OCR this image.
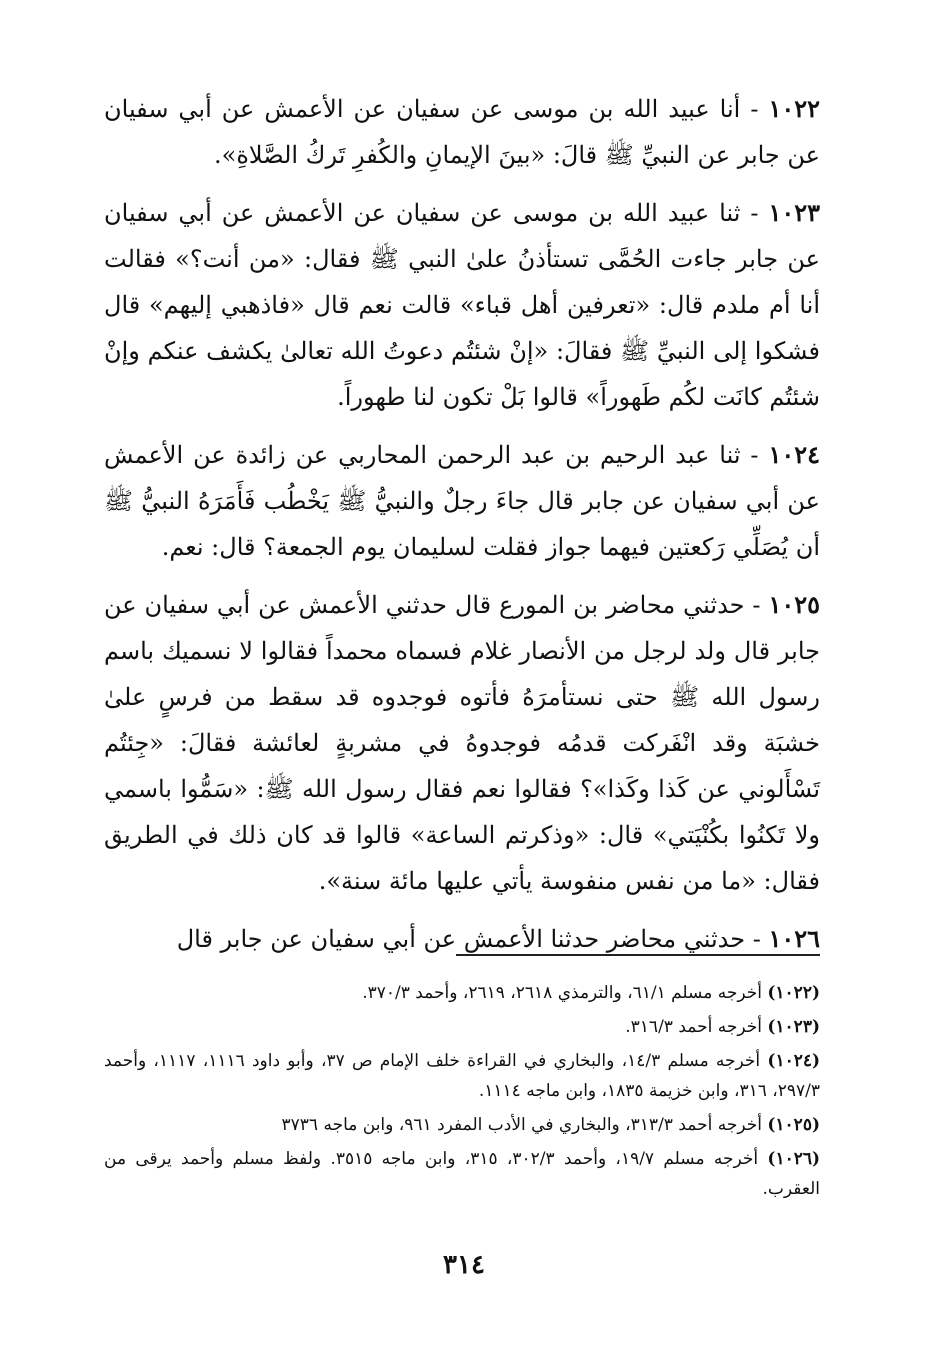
١٠٢٢ - أنا عبيد الله بن موسى عن سفيان عن الأعمش عن أبي سفيان عن جابر عن النبيِّ ﷺ قالَ: «بينَ الإيمانِ والكُفرِ تَركُ الصَّلاةِ».

١٠٢٣ - ثنا عبيد الله بن موسى عن سفيان عن الأعمش عن أبي سفيان عن جابر جاءت الحُمَّى تستأذنُ علىٰ النبي ﷺ فقال: «من أنت؟» فقالت أنا أم ملدم قال: «تعرفين أهل قباء» قالت نعم قال «فاذهبي إليهم» قال فشكوا إلى النبيِّ ﷺ فقالَ: «إنْ شئتُم دعوتُ الله تعالىٰ يكشف عنكم وإنْ شئتُم كانَت لكُم طَهوراً» قالوا بَلْ تكون لنا طهوراً.

١٠٢٤ - ثنا عبد الرحيم بن عبد الرحمن المحاربي عن زائدة عن الأعمش عن أبي سفيان عن جابر قال جاءَ رجلٌ والنبيُّ ﷺ يَخْطُب فَأَمَرَهُ النبيُّ ﷺ أن يُصَلِّي رَكعتين فيهما جواز فقلت لسليمان يوم الجمعة؟ قال: نعم.

١٠٢٥ - حدثني محاضر بن المورع قال حدثني الأعمش عن أبي سفيان عن جابر قال ولد لرجل من الأنصار غلام فسماه محمداً فقالوا لا نسميك باسم رسول الله ﷺ حتى نستأمرَهُ فأتوه فوجدوه قد سقط من فرسٍ علىٰ خشبَة وقد انْفَركت قدمُه فوجدوهُ في مشربةٍ لعائشة فقالَ: «جِئتُم تَسْأَلوني عن كَذا وكَذا»؟ فقالوا نعم فقال رسول الله ﷺ: «سَمُّوا باسمي ولا تَكنُوا بكُنْيَتي» قال: «وذكرتم الساعة» قالوا قد كان ذلك في الطريق فقال: «ما من نفس منفوسة يأتي عليها مائة سنة».

١٠٢٦ - حدثني محاضر حدثنا الأعمش عن أبي سفيان عن جابر قال

(١٠٢٢) أخرجه مسلم ٦١/١، والترمذي ٢٦١٨، ٢٦١٩، وأحمد ٣٧٠/٣.

(١٠٢٣) أخرجه أحمد ٣١٦/٣.

(١٠٢٤) أخرجه مسلم ١٤/٣، والبخاري في القراءة خلف الإمام ص ٣٧، وأبو داود ١١١٦، ١١١٧، وأحمد ٢٩٧/٣، ٣١٦، وابن خزيمة ١٨٣٥، وابن ماجه ١١١٤.

(١٠٢٥) أخرجه أحمد ٣١٣/٣، والبخاري في الأدب المفرد ٩٦١، وابن ماجه ٣٧٣٦

(١٠٢٦) أخرجه مسلم ١٩/٧، وأحمد ٣٠٢/٣، ٣١٥، وابن ماجه ٣٥١٥. ولفظ مسلم وأحمد يرقى من العقرب.

٣١٤
